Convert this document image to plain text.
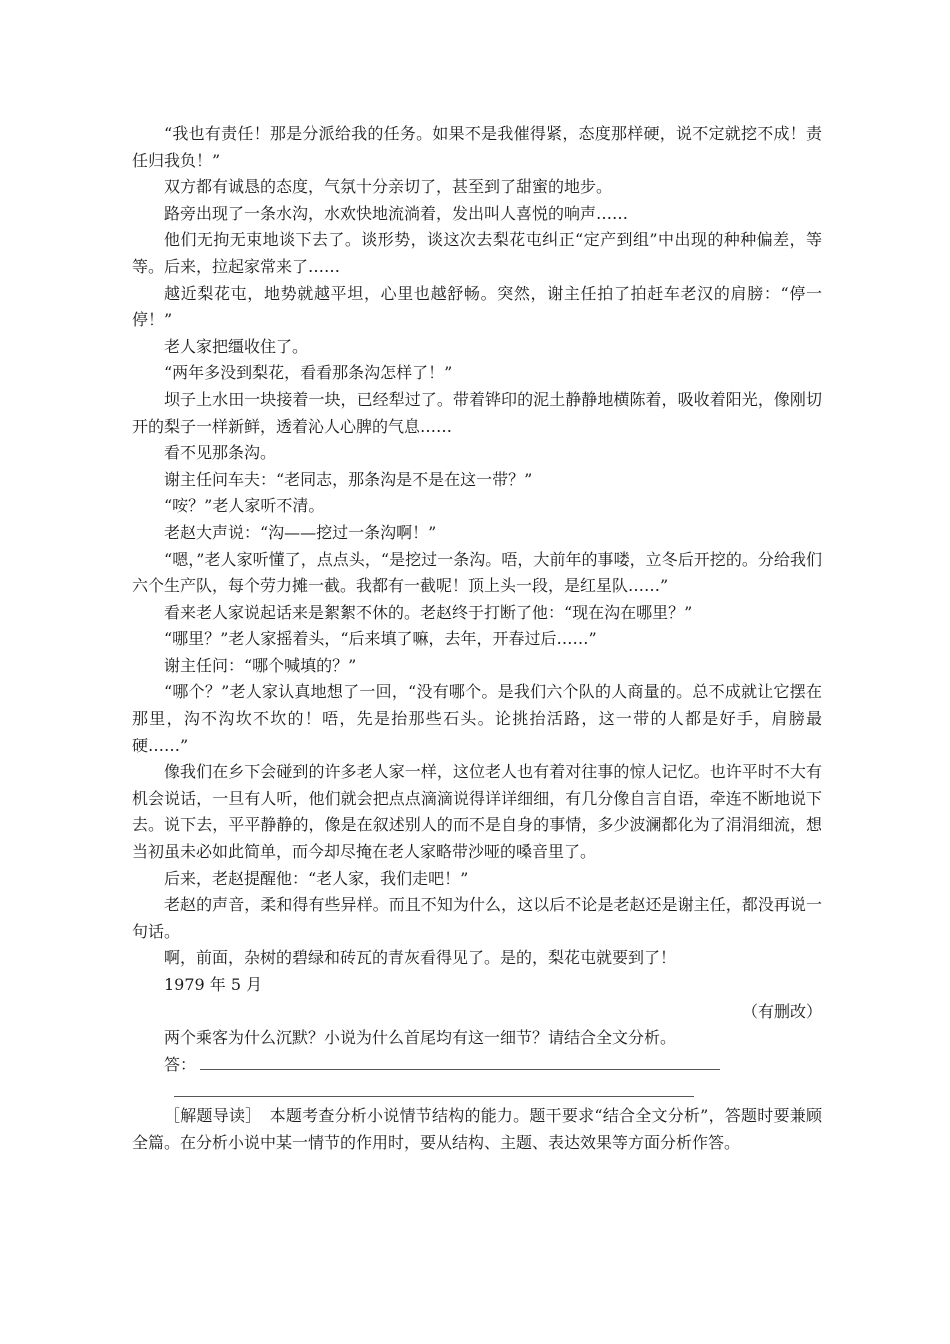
“我也有责任！那是分派给我的任务。如果不是我催得紧，态度那样硬，说不定就挖不成！责任归我负！”

双方都有诚恳的态度，气氛十分亲切了，甚至到了甜蜜的地步。

路旁出现了一条水沟，水欢快地流淌着，发出叫人喜悦的响声……

他们无拘无束地谈下去了。谈形势，谈这次去梨花屯纠正“定产到组”中出现的种种偏差，等等。后来，拉起家常来了……

越近梨花屯，地势就越平坦，心里也越舒畅。突然，谢主任拍了拍赶车老汉的肩膀：“停一停！”

老人家把缰收住了。

“两年多没到梨花，看看那条沟怎样了！”

坝子上水田一块接着一块，已经犁过了。带着铧印的泥土静静地横陈着，吸收着阳光，像刚切开的梨子一样新鲜，透着沁人心脾的气息……

看不见那条沟。

谢主任问车夫：“老同志，那条沟是不是在这一带？”

“咹？”老人家听不清。

老赵大声说：“沟——挖过一条沟啊！”

“嗯，”老人家听懂了，点点头，“是挖过一条沟。唔，大前年的事喽，立冬后开挖的。分给我们六个生产队，每个劳力摊一截。我都有一截呢！顶上头一段，是红星队……”

看来老人家说起话来是絮絮不休的。老赵终于打断了他：“现在沟在哪里？”

“哪里？”老人家摇着头，“后来填了嘛，去年，开春过后……”

谢主任问：“哪个喊填的？”

“哪个？”老人家认真地想了一回，“没有哪个。是我们六个队的人商量的。总不成就让它摆在那里，沟不沟坎不坎的！唔，先是抬那些石头。论挑抬活路，这一带的人都是好手，肩膀最硬……”

像我们在乡下会碰到的许多老人家一样，这位老人也有着对往事的惊人记忆。也许平时不大有机会说话，一旦有人听，他们就会把点点滴滴说得详详细细，有几分像自言自语，牵连不断地说下去。说下去，平平静静的，像是在叙述别人的而不是自身的事情，多少波澜都化为了涓涓细流，想当初虽未必如此简单，而今却尽掩在老人家略带沙哑的嗓音里了。

后来，老赵提醒他：“老人家，我们走吧！”

老赵的声音，柔和得有些异样。而且不知为什么，这以后不论是老赵还是谢主任，都没再说一句话。

啊，前面，杂树的碧绿和砖瓦的青灰看得见了。是的，梨花屯就要到了！

1979 年 5 月

（有删改）

两个乘客为什么沉默？小说为什么首尾均有这一细节？请结合全文分析。

答：

［解题导读］　本题考查分析小说情节结构的能力。题干要求“结合全文分析”，答题时要兼顾全篇。在分析小说中某一情节的作用时，要从结构、主题、表达效果等方面分析作答。
